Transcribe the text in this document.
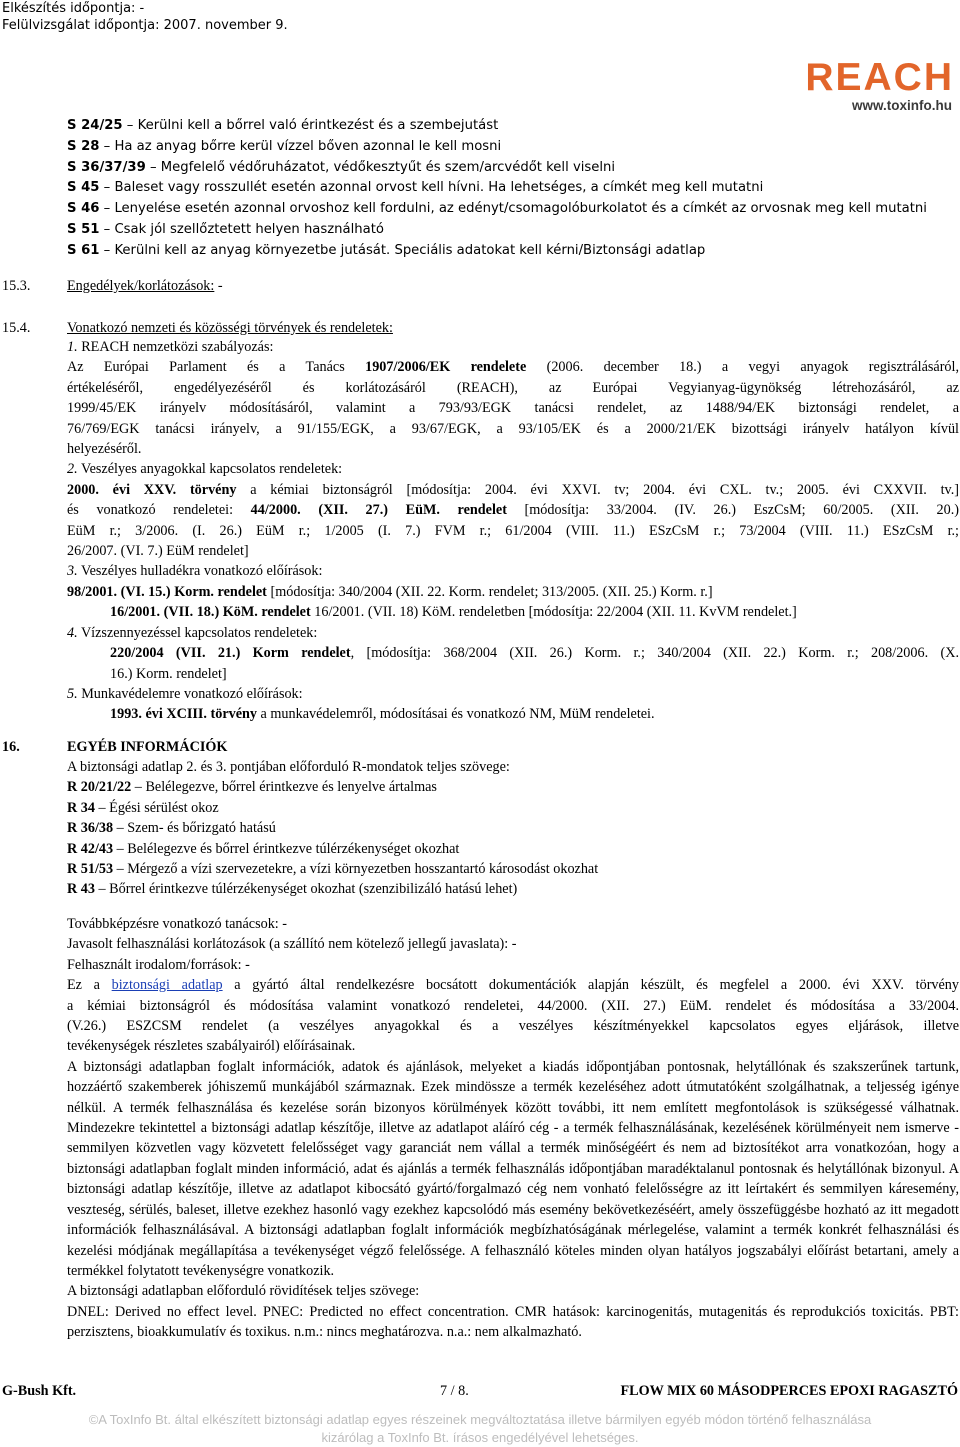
Elkészítés időpontja: -
Felülvizsgálat időpontja: 2007. november 9.
REACH
www.toxinfo.hu
S 24/25 – Kerülni kell a bőrrel való érintkezést és a szembejutást
S 28 – Ha az anyag bőrre kerül vízzel bőven azonnal le kell mosni
S 36/37/39 – Megfelelő védőruházatot, védőkesztyűt és szem/arcvédőt kell viselni
S 45 – Baleset vagy rosszullét esetén azonnal orvost kell hívni. Ha lehetséges, a címkét meg kell mutatni
S 46 – Lenyelése esetén azonnal orvoshoz kell fordulni, az edényt/csomagolóburkolatot és a címkét az orvosnak meg kell mutatni
S 51 – Csak jól szellőztetett helyen használható
S 61 – Kerülni kell az anyag környezetbe jutását. Speciális adatokat kell kérni/Biztonsági adatlap
15.3.	Engedélyek/korlátozások: -
15.4.	Vonatkozó nemzeti és közösségi törvények és rendeletek:

1. REACH nemzetközi szabályozás:

Az Európai Parlament és a Tanács 1907/2006/EK rendelete (2006. december 18.) a vegyi anyagok regisztrálásáról,

értékeléséről, engedélyezéséről és korlátozásáról (REACH), az Európai Vegyianyag-ügynökség létrehozásáról, az

1999/45/EK irányelv módosításáról, valamint a 793/93/EGK tanácsi rendelet, az 1488/94/EK biztonsági rendelet, a

76/769/EGK tanácsi irányelv, a 91/155/EGK, a 93/67/EGK, a 93/105/EK és a 2000/21/EK bizottsági irányelv hatályon kívül

helyezéséről.

2. Veszélyes anyagokkal kapcsolatos rendeletek:

2000. évi XXV. törvény a kémiai biztonságról [módosítja: 2004. évi XXVI. tv; 2004. évi CXL. tv.; 2005. évi CXXVII. tv.]

és vonatkozó rendeletei: 44/2000. (XII. 27.) EüM. rendelet [módosítja: 33/2004. (IV. 26.) EszCsM; 60/2005. (XII. 20.)

EüM r.; 3/2006. (I. 26.) EüM r.; 1/2005 (I. 7.) FVM r.; 61/2004 (VIII. 11.) ESzCsM r.; 73/2004 (VIII. 11.) ESzCsM r.;

26/2007. (VI. 7.) EüM rendelet]

3. Veszélyes hulladékra vonatkozó előírások:

98/2001. (VI. 15.) Korm. rendelet [módosítja: 340/2004 (XII. 22. Korm. rendelet; 313/2005. (XII. 25.) Korm. r.]

16/2001. (VII. 18.) KöM. rendelet 16/2001. (VII. 18) KöM. rendeletben [módosítja: 22/2004 (XII. 11. KvVM rendelet.]

4. Vízszennyezéssel kapcsolatos rendeletek:

220/2004 (VII. 21.) Korm rendelet, [módosítja: 368/2004 (XII. 26.) Korm. r.; 340/2004 (XII. 22.) Korm. r.; 208/2006. (X.

16.) Korm. rendelet]

5. Munkavédelemre vonatkozó előírások:

1993. évi XCIII. törvény a munkavédelemről, módosításai és vonatkozó NM, MüM rendeletei.

16.	EGYÉB INFORMÁCIÓK

A biztonsági adatlap 2. és 3. pontjában előforduló R-mondatok teljes szövege:

R 20/21/22 – Belélegezve, bőrrel érintkezve és lenyelve ártalmas

R 34 – Égési sérülést okoz

R 36/38 – Szem- és bőrizgató hatású

R 42/43 – Belélegezve és bőrrel érintkezve túlérzékenységet okozhat

R 51/53 – Mérgező a vízi szervezetekre, a vízi környezetben hosszantartó károsodást okozhat

R 43 – Bőrrel érintkezve túlérzékenységet okozhat (szenzibilizáló hatású lehet)

Továbbképzésre vonatkozó tanácsok: -

Javasolt felhasználási korlátozások (a szállító nem kötelező jellegű javaslata): -

Felhasznált irodalom/források: -

Ez a biztonsági adatlap a gyártó által rendelkezésre bocsátott dokumentációk alapján készült, és megfelel a 2000. évi XXV. törvény

a kémiai biztonságról és módosítása valamint vonatkozó rendeletei, 44/2000. (XII. 27.) EüM. rendelet és módosítása a 33/2004.

(V.26.) ESZCSM rendelet (a veszélyes anyagokkal és a veszélyes készítményekkel kapcsolatos egyes eljárások, illetve

tevékenységek részletes szabályairól) előírásainak.

A biztonsági adatlapban foglalt információk, adatok és ajánlások, melyeket a kiadás időpontjában pontosnak, helytállónak és szakszerűnek tartunk, hozzáértő szakemberek jóhiszemű munkájából származnak. Ezek mindössze a termék kezeléséhez adott útmutatóként szolgálhatnak, a teljesség igénye nélkül. A termék felhasználása és kezelése során bizonyos körülmények között további, itt nem említett megfontolások is szükségessé válhatnak. Mindezekre tekintettel a biztonsági adatlap készítője, illetve az adatlapot aláíró cég - a termék felhasználásának, kezelésének körülményeit nem ismerve - semmilyen közvetlen vagy közvetett felelősséget vagy garanciát nem vállal a termék minőségéért és nem ad biztosítékot arra vonatkozóan, hogy a biztonsági adatlapban foglalt minden információ, adat és ajánlás a termék felhasználás időpontjában maradéktalanul pontosnak és helytállónak bizonyul. A biztonsági adatlap készítője, illetve az adatlapot kibocsátó gyártó/forgalmazó cég nem vonható felelősségre az itt leírtakért és semmilyen káresemény, veszteség, sérülés, baleset, illetve ezekhez hasonló vagy ezekhez kapcsolódó más esemény bekövetkezéséért, amely összefüggésbe hozható az itt megadott információk felhasználásával. A biztonsági adatlapban foglalt információk megbízhatóságának mérlegelése, valamint a termék konkrét felhasználási és kezelési módjának megállapítása a tevékenységet végző felelőssége. A felhasználó köteles minden olyan hatályos jogszabályi előírást betartani, amely a termékkel folytatott tevékenységre vonatkozik.

A biztonsági adatlapban előforduló rövidítések teljes szövege:

DNEL: Derived no effect level. PNEC: Predicted no effect concentration. CMR hatások: karcinogenitás, mutagenitás és reprodukciós toxicitás. PBT: perzisztens, bioakkumulatív és toxikus. n.m.: nincs meghatározva. n.a.: nem alkalmazható.

G-Bush Kft.	7 / 8.	FLOW MIX 60 MÁSODPERCES EPOXI RAGASZTÓ
©A ToxInfo Bt. által elkészített biztonsági adatlap egyes részeinek megváltoztatása illetve bármilyen egyéb módon történő felhasználása
kizárólag a ToxInfo Bt. írásos engedélyével lehetséges.
